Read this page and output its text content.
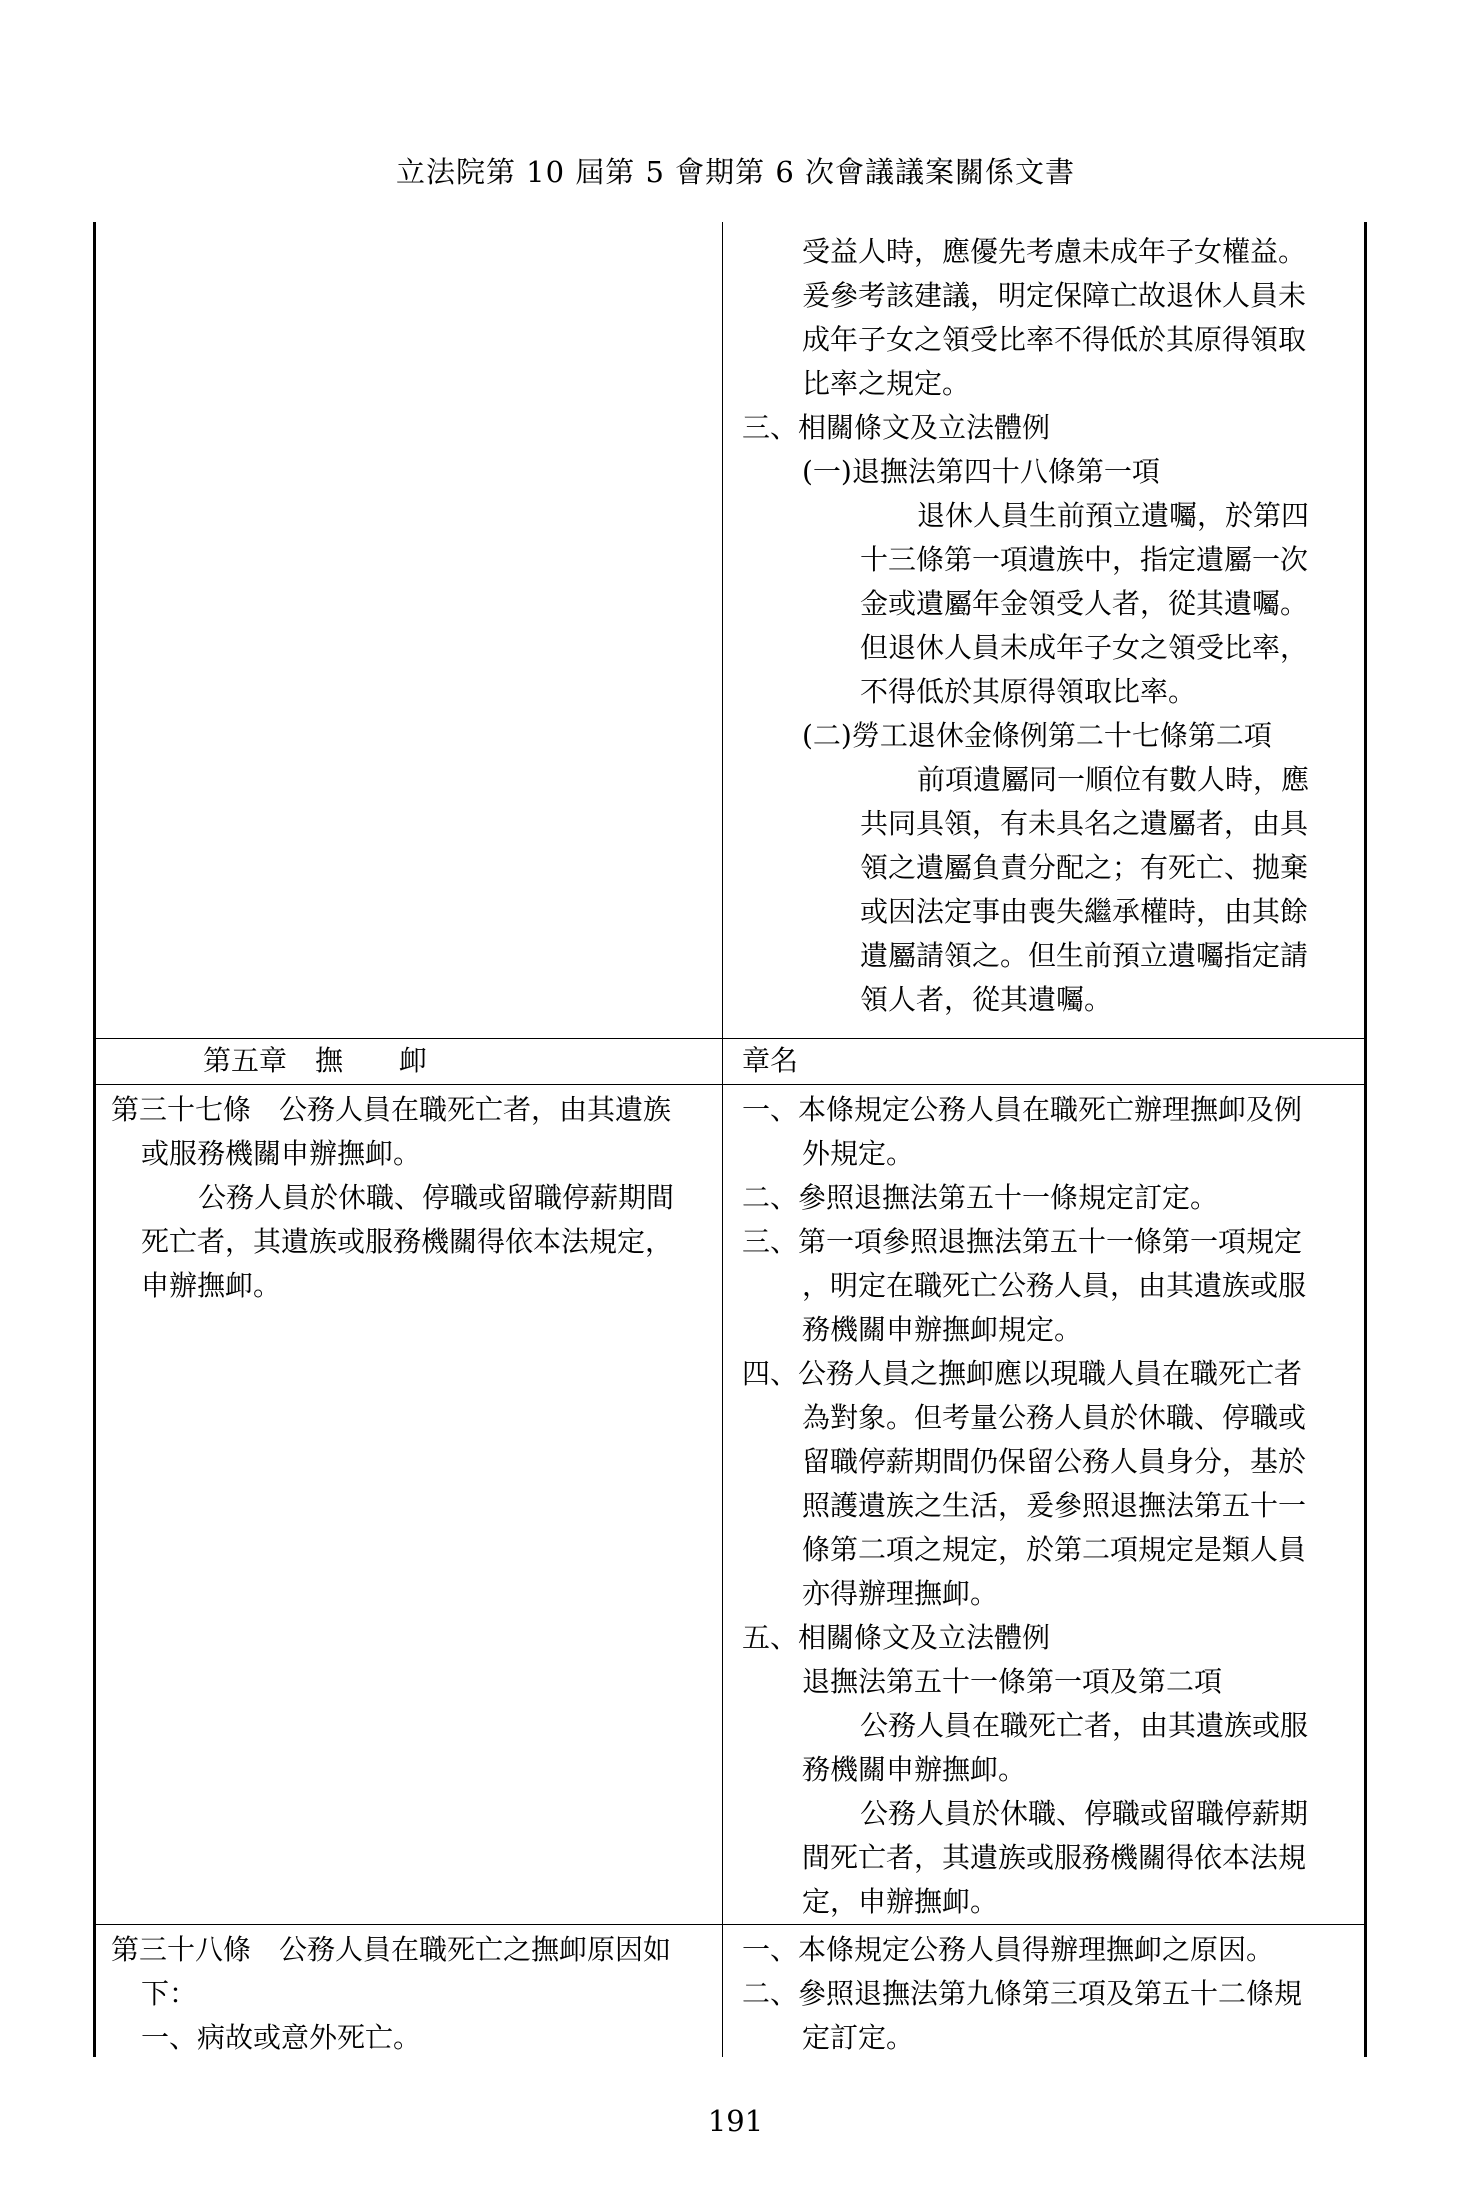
立法院第 10 屆第 5 會期第 6 次會議議案關係文書
受益人時，應優先考慮未成年子女權益。
爰參考該建議，明定保障亡故退休人員未
成年子女之領受比率不得低於其原得領取
比率之規定。
三、相關條文及立法體例
(一)退撫法第四十八條第一項
退休人員生前預立遺囑，於第四
十三條第一項遺族中，指定遺屬一次
金或遺屬年金領受人者，從其遺囑。
但退休人員未成年子女之領受比率，
不得低於其原得領取比率。
(二)勞工退休金條例第二十七條第二項
前項遺屬同一順位有數人時，應
共同具領，有未具名之遺屬者，由具
領之遺屬負責分配之；有死亡、拋棄
或因法定事由喪失繼承權時，由其餘
遺屬請領之。但生前預立遺囑指定請
領人者，從其遺囑。
第五章　撫　　卹	章名
第三十七條　公務人員在職死亡者，由其遺族
或服務機關申辦撫卹。
公務人員於休職、停職或留職停薪期間
死亡者，其遺族或服務機關得依本法規定，
申辦撫卹。
一、本條規定公務人員在職死亡辦理撫卹及例
外規定。
二、參照退撫法第五十一條規定訂定。
三、第一項參照退撫法第五十一條第一項規定
，明定在職死亡公務人員，由其遺族或服
務機關申辦撫卹規定。
四、公務人員之撫卹應以現職人員在職死亡者
為對象。但考量公務人員於休職、停職或
留職停薪期間仍保留公務人員身分，基於
照護遺族之生活，爰參照退撫法第五十一
條第二項之規定，於第二項規定是類人員
亦得辦理撫卹。
五、相關條文及立法體例
退撫法第五十一條第一項及第二項
公務人員在職死亡者，由其遺族或服
務機關申辦撫卹。
公務人員於休職、停職或留職停薪期
間死亡者，其遺族或服務機關得依本法規
定，申辦撫卹。
第三十八條　公務人員在職死亡之撫卹原因如
下：
一、病故或意外死亡。
一、本條規定公務人員得辦理撫卹之原因。
二、參照退撫法第九條第三項及第五十二條規
定訂定。
191
